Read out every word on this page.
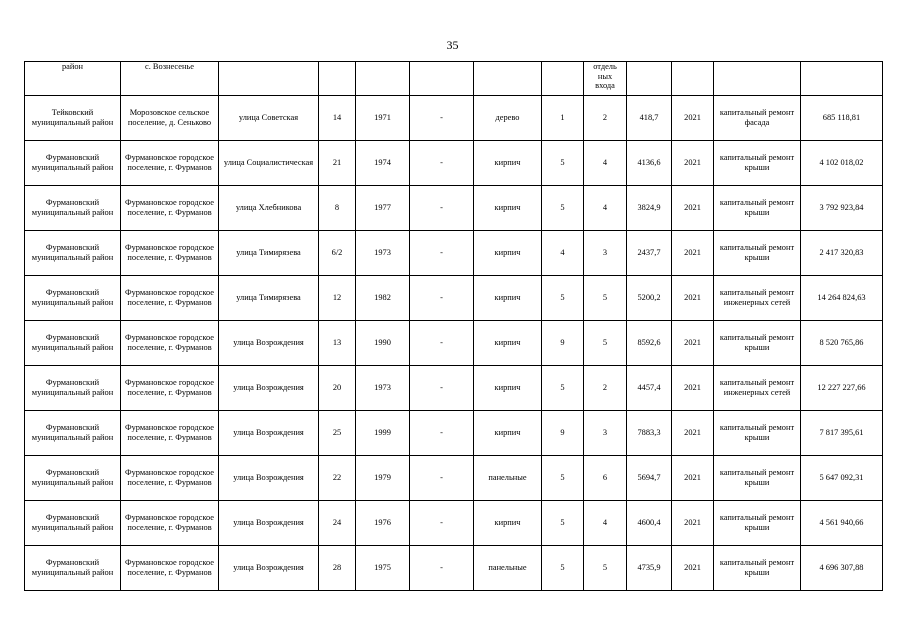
35
район	с. Вознесенье							отдель
ных
входа				
Тейковский муниципальный район	Морозовское сельское поселение, д. Сеньково	улица Советская	14	1971	-	дерево	1	2	418,7	2021	капитальный ремонт фасада	685 118,81
Фурмановский муниципальный район	Фурмановское городское поселение, г. Фурманов	улица Социалистическая	21	1974	-	кирпич	5	4	4136,6	2021	капитальный ремонт крыши	4 102 018,02
Фурмановский муниципальный район	Фурмановское городское поселение, г. Фурманов	улица Хлебникова	8	1977	-	кирпич	5	4	3824,9	2021	капитальный ремонт крыши	3 792 923,84
Фурмановский муниципальный район	Фурмановское городское поселение, г. Фурманов	улица Тимирязева	6/2	1973	-	кирпич	4	3	2437,7	2021	капитальный ремонт крыши	2 417 320,83
Фурмановский муниципальный район	Фурмановское городское поселение, г. Фурманов	улица Тимирязева	12	1982	-	кирпич	5	5	5200,2	2021	капитальный ремонт инженерных сетей	14 264 824,63
Фурмановский муниципальный район	Фурмановское городское поселение, г. Фурманов	улица Возрождения	13	1990	-	кирпич	9	5	8592,6	2021	капитальный ремонт крыши	8 520 765,86
Фурмановский муниципальный район	Фурмановское городское поселение, г. Фурманов	улица Возрождения	20	1973	-	кирпич	5	2	4457,4	2021	капитальный ремонт инженерных сетей	12 227 227,66
Фурмановский муниципальный район	Фурмановское городское поселение, г. Фурманов	улица Возрождения	25	1999	-	кирпич	9	3	7883,3	2021	капитальный ремонт крыши	7 817 395,61
Фурмановский муниципальный район	Фурмановское городское поселение, г. Фурманов	улица Возрождения	22	1979	-	панельные	5	6	5694,7	2021	капитальный ремонт крыши	5 647 092,31
Фурмановский муниципальный район	Фурмановское городское поселение, г. Фурманов	улица Возрождения	24	1976	-	кирпич	5	4	4600,4	2021	капитальный ремонт крыши	4 561 940,66
Фурмановский муниципальный район	Фурмановское городское поселение, г. Фурманов	улица Возрождения	28	1975	-	панельные	5	5	4735,9	2021	капитальный ремонт крыши	4 696 307,88
